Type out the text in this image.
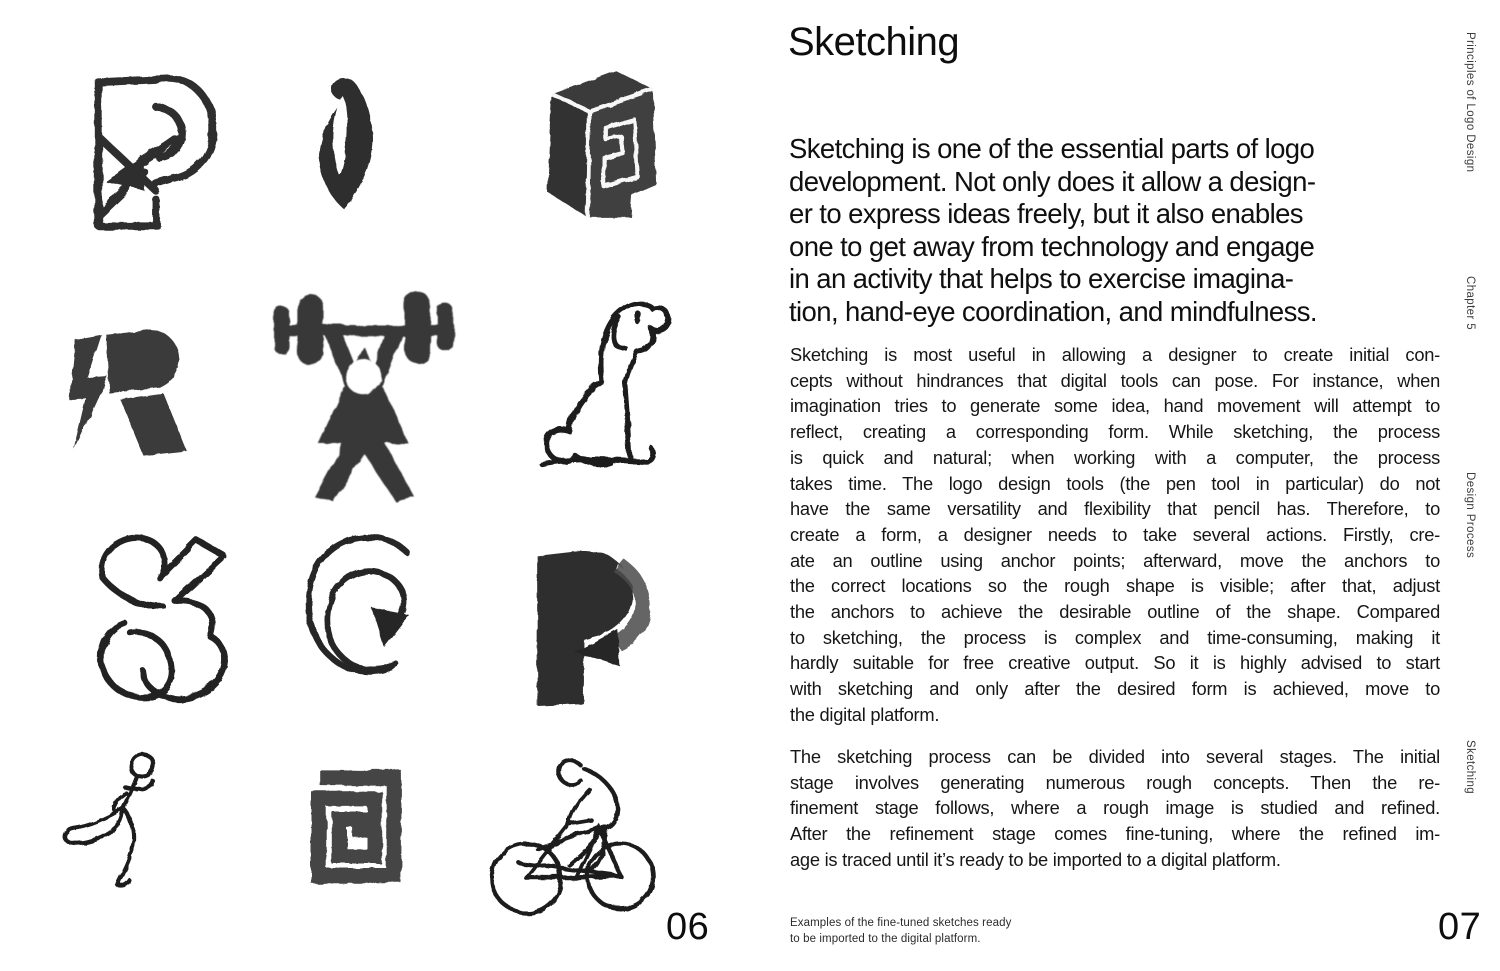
06
Sketching
Sketching is one of the essential parts of logo
development. Not only does it allow a design-
er to express ideas freely, but it also enables
one to get away from technology and engage
in an activity that helps to exercise imagina-
tion, hand-eye coordination, and mindfulness.
Sketching is most useful in allowing a designer to create initial con-
cepts without hindrances that digital tools can pose. For instance, when
imagination tries to generate some idea, hand movement will attempt to
reflect, creating a corresponding form. While sketching, the process
is quick and natural; when working with a computer, the process
takes time. The logo design tools (the pen tool in particular) do not
have the same versatility and flexibility that pencil has. Therefore, to
create a form, a designer needs to take several actions. Firstly, cre-
ate an outline using anchor points; afterward, move the anchors to
the correct locations so the rough shape is visible; after that, adjust
the anchors to achieve the desirable outline of the shape. Compared
to sketching, the process is complex and time-consuming, making it
hardly suitable for free creative output. So it is highly advised to start
with sketching and only after the desired form is achieved, move to
the digital platform.
The sketching process can be divided into several stages. The initial
stage involves generating numerous rough concepts. Then the re-
finement stage follows, where a rough image is studied and refined.
After the refinement stage comes fine-tuning, where the refined im-
age is traced until it’s ready to be imported to a digital platform.
Examples of the fine-tuned sketches ready
to be imported to the digital platform.	07
Principles of Logo Design
Chapter 5
Design Process
Sketching
